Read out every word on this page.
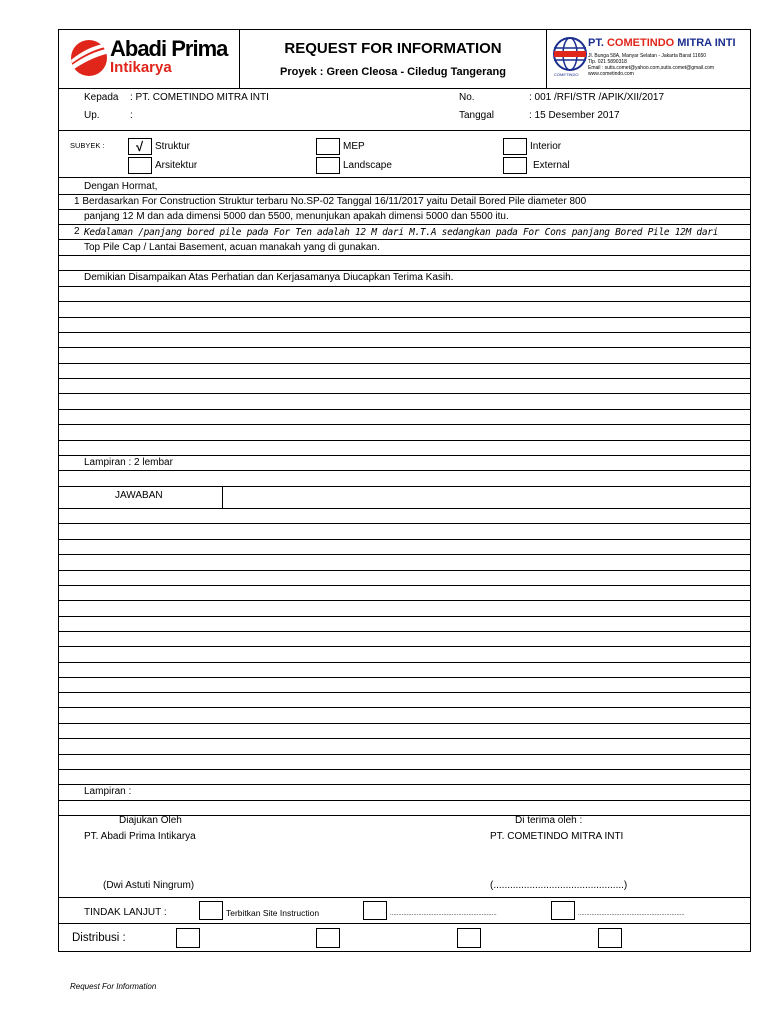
Abadi Prima
Intikarya
REQUEST FOR INFORMATION
Proyek : Green Cleosa - Ciledug Tangerang	COMETINDO
PT. COMETINDO MITRA INTI
Jl. Bunga 58A, Manyar Selatan - Jakarta Barat 11650
Tlp. 021 5890318
Email : sutis.comet@yahoo.com,sutis.comet@gmail.com
www.cometindo.com
Kepada : PT. COMETINDO MITRA INTI
Up.	:
No.	: 001 /RFI/STR /APIK/XII/2017
Tanggal	: 15 Desember 2017
SUBYEK : √ Struktur	MEP	Interior
Arsitektur	Landscape	External
Dengan Hormat,
1 Berdasarkan For Construction Struktur terbaru No.SP-02 Tanggal 16/11/2017 yaitu Detail Bored Pile diameter 800
panjang 12 M dan ada dimensi 5000 dan 5500, menunjukan apakah dimensi 5000 dan 5500 itu.
2 Kedalaman /panjang bored pile pada For Ten adalah 12 M dari M.T.A sedangkan pada For Cons panjang Bored Pile 12M dari
Top Pile Cap / Lantai Basement, acuan manakah yang di gunakan.
Demikian Disampaikan Atas Perhatian dan Kerjasamanya Diucapkan Terima Kasih.
Lampiran : 2 lembar
JAWABAN
Lampiran :
Diajukan Oleh
PT. Abadi Prima Intikarya
(Dwi Astuti Ningrum)
Di terima oleh :
PT. COMETINDO MITRA INTI
(...............................................)
TINDAK LANJUT :	Terbitkan Site Instruction	................................................................	................................................................
Distribusi :
Request For Information
